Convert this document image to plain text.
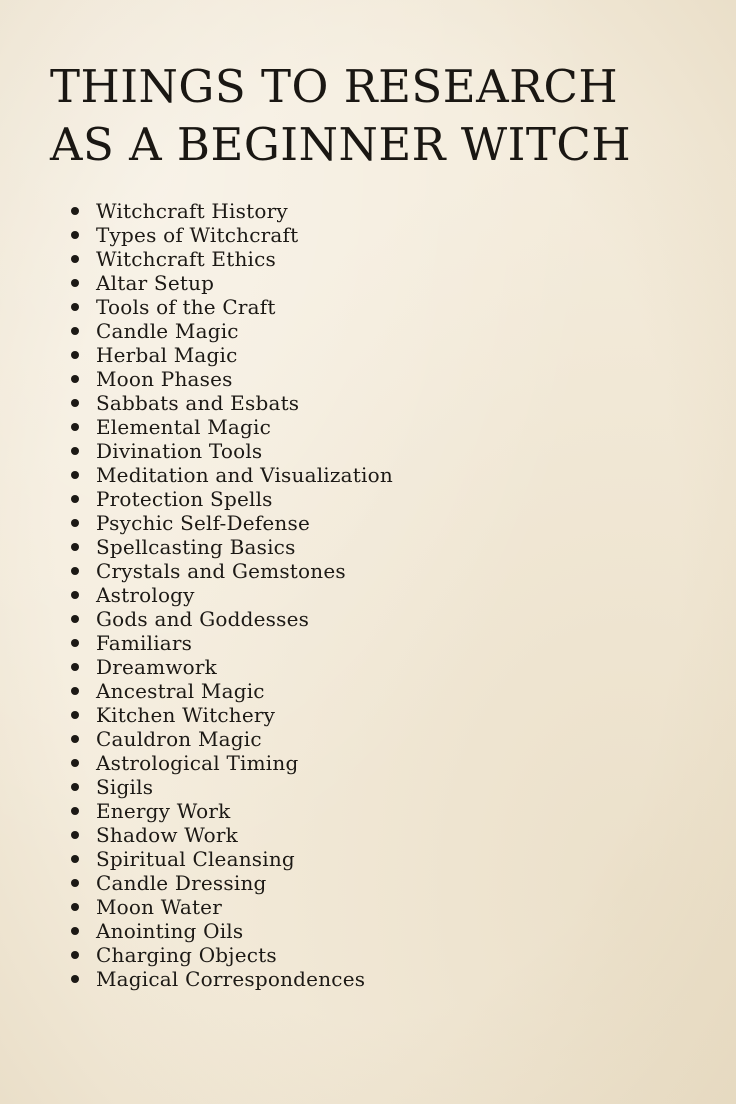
THINGS TO RESEARCH
AS A BEGINNER WITCH
Witchcraft History
Types of Witchcraft
Witchcraft Ethics
Altar Setup
Tools of the Craft
Candle Magic
Herbal Magic
Moon Phases
Sabbats and Esbats
Elemental Magic
Divination Tools
Meditation and Visualization
Protection Spells
Psychic Self-Defense
Spellcasting Basics
Crystals and Gemstones
Astrology
Gods and Goddesses
Familiars
Dreamwork
Ancestral Magic
Kitchen Witchery
Cauldron Magic
Astrological Timing
Sigils
Energy Work
Shadow Work
Spiritual Cleansing
Candle Dressing
Moon Water
Anointing Oils
Charging Objects
Magical Correspondences
